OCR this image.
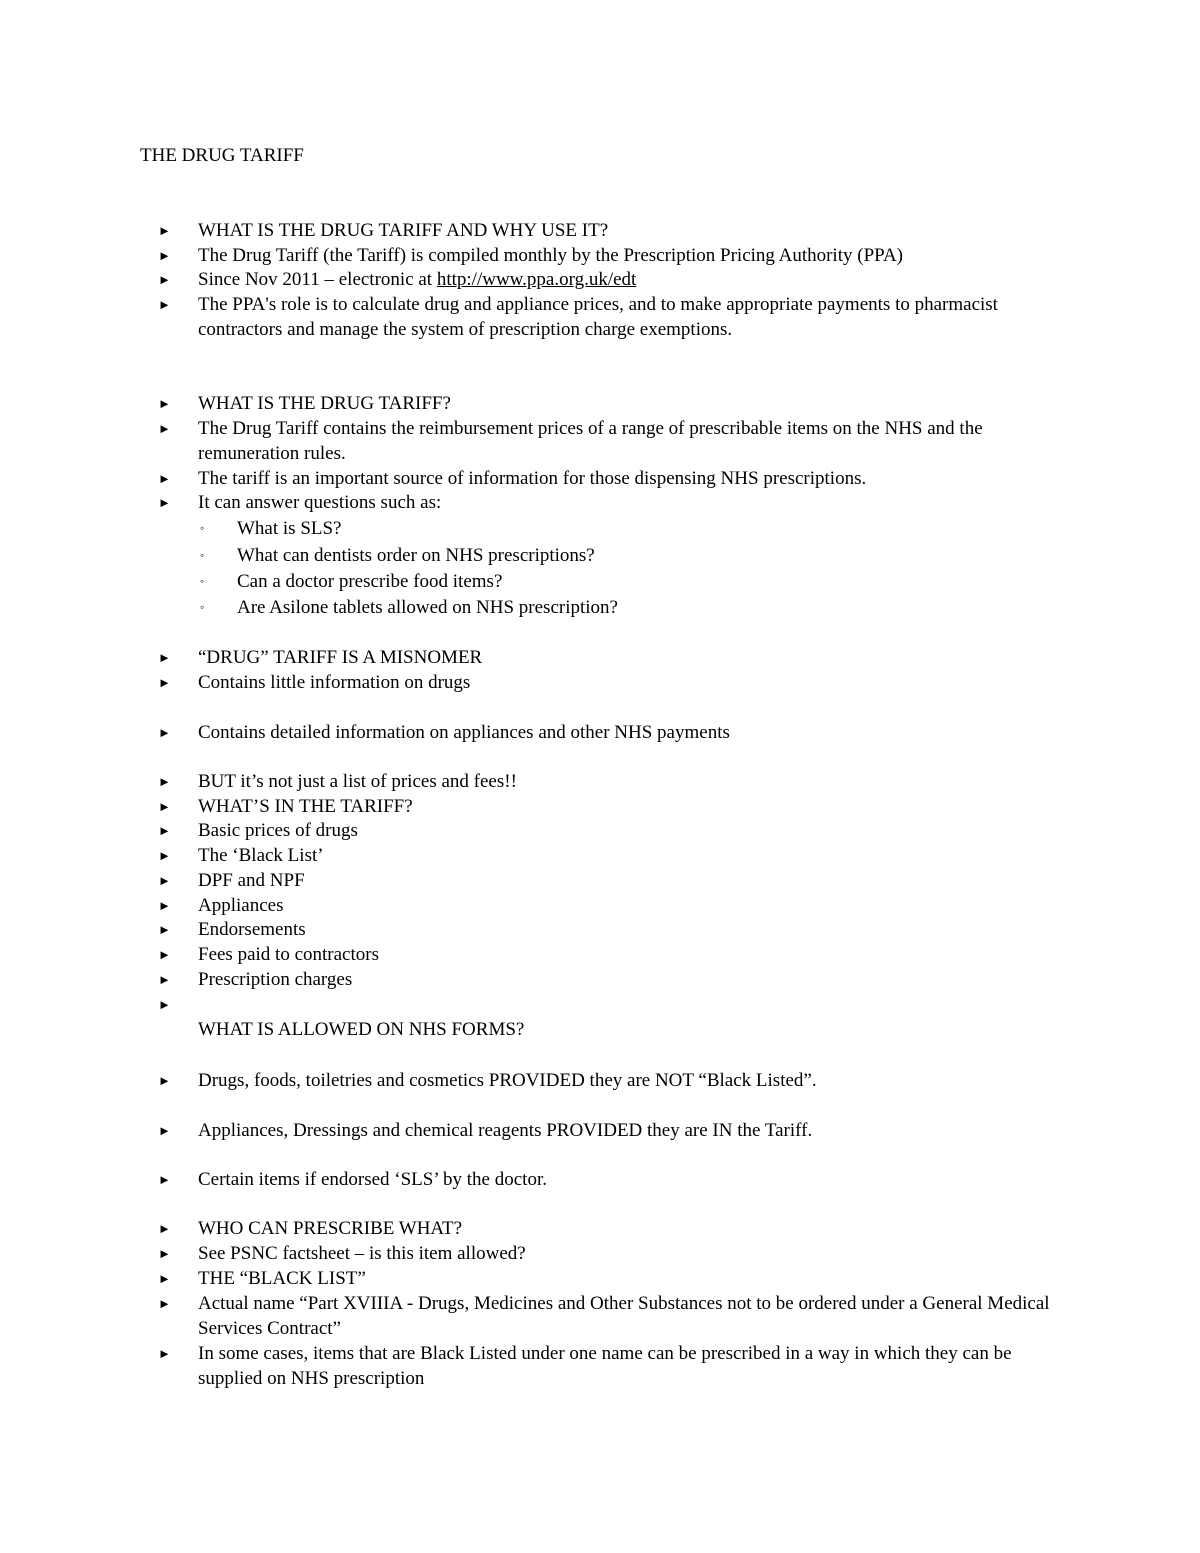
THE DRUG TARIFF
►	WHAT IS THE DRUG TARIFF AND WHY USE IT?
►	The Drug Tariff (the Tariff) is compiled monthly by the Prescription Pricing Authority (PPA)
►	Since Nov 2011 – electronic at http://www.ppa.org.uk/edt
►	The PPA's role is to calculate drug and appliance prices, and to make appropriate payments to pharmacist contractors and manage the system of prescription charge exemptions.
►	WHAT IS THE DRUG TARIFF?
►	The Drug Tariff contains the reimbursement prices of a range of prescribable items on the NHS and the remuneration rules.
►	The tariff is an important source of information for those dispensing NHS prescriptions.
►	It can answer questions such as:
◦	What is SLS?
◦	What can dentists order on NHS prescriptions?
◦	Can a doctor prescribe food items?
◦	Are Asilone tablets allowed on NHS prescription?
►	“DRUG” TARIFF IS A MISNOMER
►	Contains little information on drugs
►	Contains detailed information on appliances and other NHS payments
►	BUT it’s not just a list of prices and fees!!
►	WHAT’S IN THE TARIFF?
►	Basic prices of drugs
►	The ‘Black List’
►	DPF and NPF
►	Appliances
►	Endorsements
►	Fees paid to contractors
►	Prescription charges
►
WHAT IS ALLOWED ON NHS FORMS?
►	Drugs, foods, toiletries and cosmetics PROVIDED they are NOT “Black Listed”.
►	Appliances, Dressings and chemical reagents PROVIDED they are IN the Tariff.
►	Certain items if endorsed ‘SLS’ by the doctor.
►	WHO CAN PRESCRIBE WHAT?
►	See PSNC factsheet – is this item allowed?
►	THE “BLACK LIST”
►	Actual name “Part XVIIIA - Drugs, Medicines and Other Substances not to be ordered under a General Medical Services Contract”
►	In some cases, items that are Black Listed under one name can be prescribed in a way in which they can be supplied on NHS prescription
